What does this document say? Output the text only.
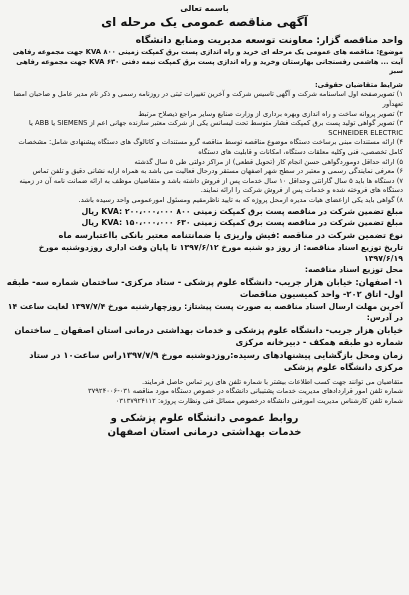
باسمه تعالی
آگهی مناقصه عمومی یک مرحله ای
واحد مناقصه گزار: معاونت توسعه مدیریت ومنابع دانشگاه

موضوع: مناقصه های عمومی یک مرحله ای خرید و راه اندازی پست برق کمپکت زمینی ۸۰۰ KVA جهت مجموعه رفاهی آیت ... هاشمی رفسنجانی بهارستان وخرید و راه اندازی پست برق کمپکت نیمه دفنی ۶۳۰ KVA جهت مجموعه رفاهی سبز

شرایط متقاضیان حقوقی:

۱) تصویرصفحه اول اساسنامه شرکت و آگهی تاسیس شرکت و آخرین تغییرات ثبتی در روزنامه رسمی و ذکر نام مدیر عامل و صاحبان امضا تعهدآور

۲) تصویر پروانه ساخت و راه اندازی وبهره برداری از وزارت صنایع وسایر مراجع ذیصلاح مرتبط

۳) تصویر گواهی تولید پست برق کمپکت فشار متوسط تحت لیسانس یکی از شرکت معتبر سازنده جهانی اعم از SIEMENS یا ABB یا SCHNEIDER ELECTRIC

۴) ارائه مستندات مبنی برساخت دستگاه موضوع مناقصه توسط مناقصه گرو مستندات و کاتالوگ های دستگاه پیشنهادی شامل: مشخصات کامل تخصصی، فنی وکلیه معلقات دستگاه، امکانات و قابلیت های دستگاه

۵) ارائه حداقل دوموردگواهی حسن انجام کار (تحویل قطعی) از مراکز دولتی طی ۵ سال گذشته

۶) معرفی نمایندگی رسمی و معتبر در سطح شهر اصفهان مستقر ودرحال فعالیت می باشد به همراه ارایه نشانی دقیق و تلفن تماس

۷) دستگاه ها باید ۵ سال گارانتی وحداقل ۱۰ سال خدمات پس از فروش داشته باشد و متقاضیان موظف به ارائه ضمانت نامه آن در زمینه دستگاه های فروخته شده و خدمات پس از فروش شرکت را ارائه نمایند.

۸) گواهی باید یکی ازاعضای هیات مدیره ازمحل پروژه که به تایید ناظرمقیم ومسئول امورعمومی واحد رسیده باشد.

مبلغ تضمین شرکت در مناقصه پست برق کمپکت زمینی ۸۰۰ KVA: ۲۰۰،۰۰۰،۰۰۰ ریال
مبلغ تضمین شرکت در مناقصه پست برق کمپکت زمینی ۶۳۰ KVA: ۱۵۰،۰۰۰،۰۰۰ ریال
نوع تضمین شرکت در مناقصه :فیش واریزی یا ضمانتنامه معتبر بانکی بااعتبارسه ماه
تاریخ توزیع اسناد مناقصه: از روز دو شنبه مورخ ۱۳۹۷/۶/۱۲ تا پایان وقت اداری روزدوشنبه مورخ ۱۳۹۷/۶/۱۹
محل توزیع اسناد مناقصه:
۱- اصفهان: خیابان هزار جریب- دانشگاه علوم پزشکی - ستاد مرکزی- ساختمان شماره سه- طبقه اول- اتاق ۲۰۲- واحد کمیسیون مناقصات
آخرین مهلت ارسال اسناد مناقصه به صورت پست پیشتاز: روزچهارشنبه مورخ ۱۳۹۷/۷/۴ لغایت ساعت ۱۴ در آدرس:
خیابان هزار جریب- دانشگاه علوم پزشکی و خدمات بهداشتی درمانی استان اصفهان _ ساختمان شماره دو طبقه همکف - دبیرخانه مرکزی
زمان ومحل بازگشایی پیشنهادهای رسیده:روزدوشنبه مورخ ۱۳۹۷/۷/۹راس ساعت۱۰ در ستاد مرکزی دانشگاه علوم پزشکی

متقاضیان می توانند جهت کسب اطلاعات بیشتر با شماره تلفن های زیر تماس حاصل فرمایند.

شماره تلفن امور قراردادهای مدیریت خدمات پشتیبانی دانشگاه در خصوص دستگاه مورد مناقصه ۰۳۱-۳۷۹۲۴۰۰۶

شماره تلفن کارشناس مدیریت امورفنی دانشگاه درخصوص مسائل فنی ونظارت پروژه: ۰۳۱۳۷۹۲۴۱۱۲

روابط عمومی دانشگاه علوم پزشکی و
خدمات بهداشتی درمانی استان اصفهان
